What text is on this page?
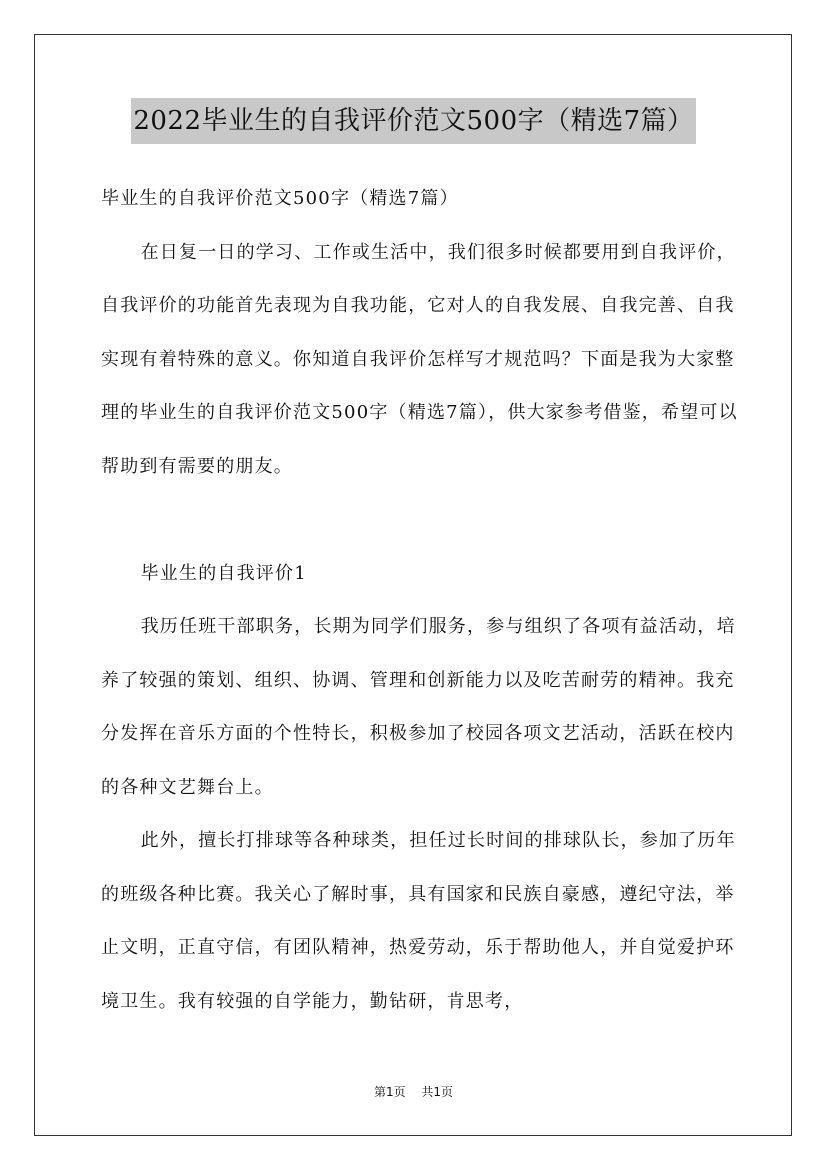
2022毕业生的自我评价范文500字（精选7篇）

毕业生的自我评价范文500字（精选7篇）

在日复一日的学习、工作或生活中，我们很多时候都要用到自我评价，自我评价的功能首先表现为自我功能，它对人的自我发展、自我完善、自我实现有着特殊的意义。你知道自我评价怎样写才规范吗？下面是我为大家整理的毕业生的自我评价范文500字（精选7篇），供大家参考借鉴，希望可以帮助到有需要的朋友。

毕业生的自我评价1

我历任班干部职务，长期为同学们服务，参与组织了各项有益活动，培养了较强的策划、组织、协调、管理和创新能力以及吃苦耐劳的精神。我充分发挥在音乐方面的个性特长，积极参加了校园各项文艺活动，活跃在校内的各种文艺舞台上。

此外，擅长打排球等各种球类，担任过长时间的排球队长，参加了历年的班级各种比赛。我关心了解时事，具有国家和民族自豪感，遵纪守法，举止文明，正直守信，有团队精神，热爱劳动，乐于帮助他人，并自觉爱护环境卫生。我有较强的自学能力，勤钻研，肯思考，

第1页 共1页
